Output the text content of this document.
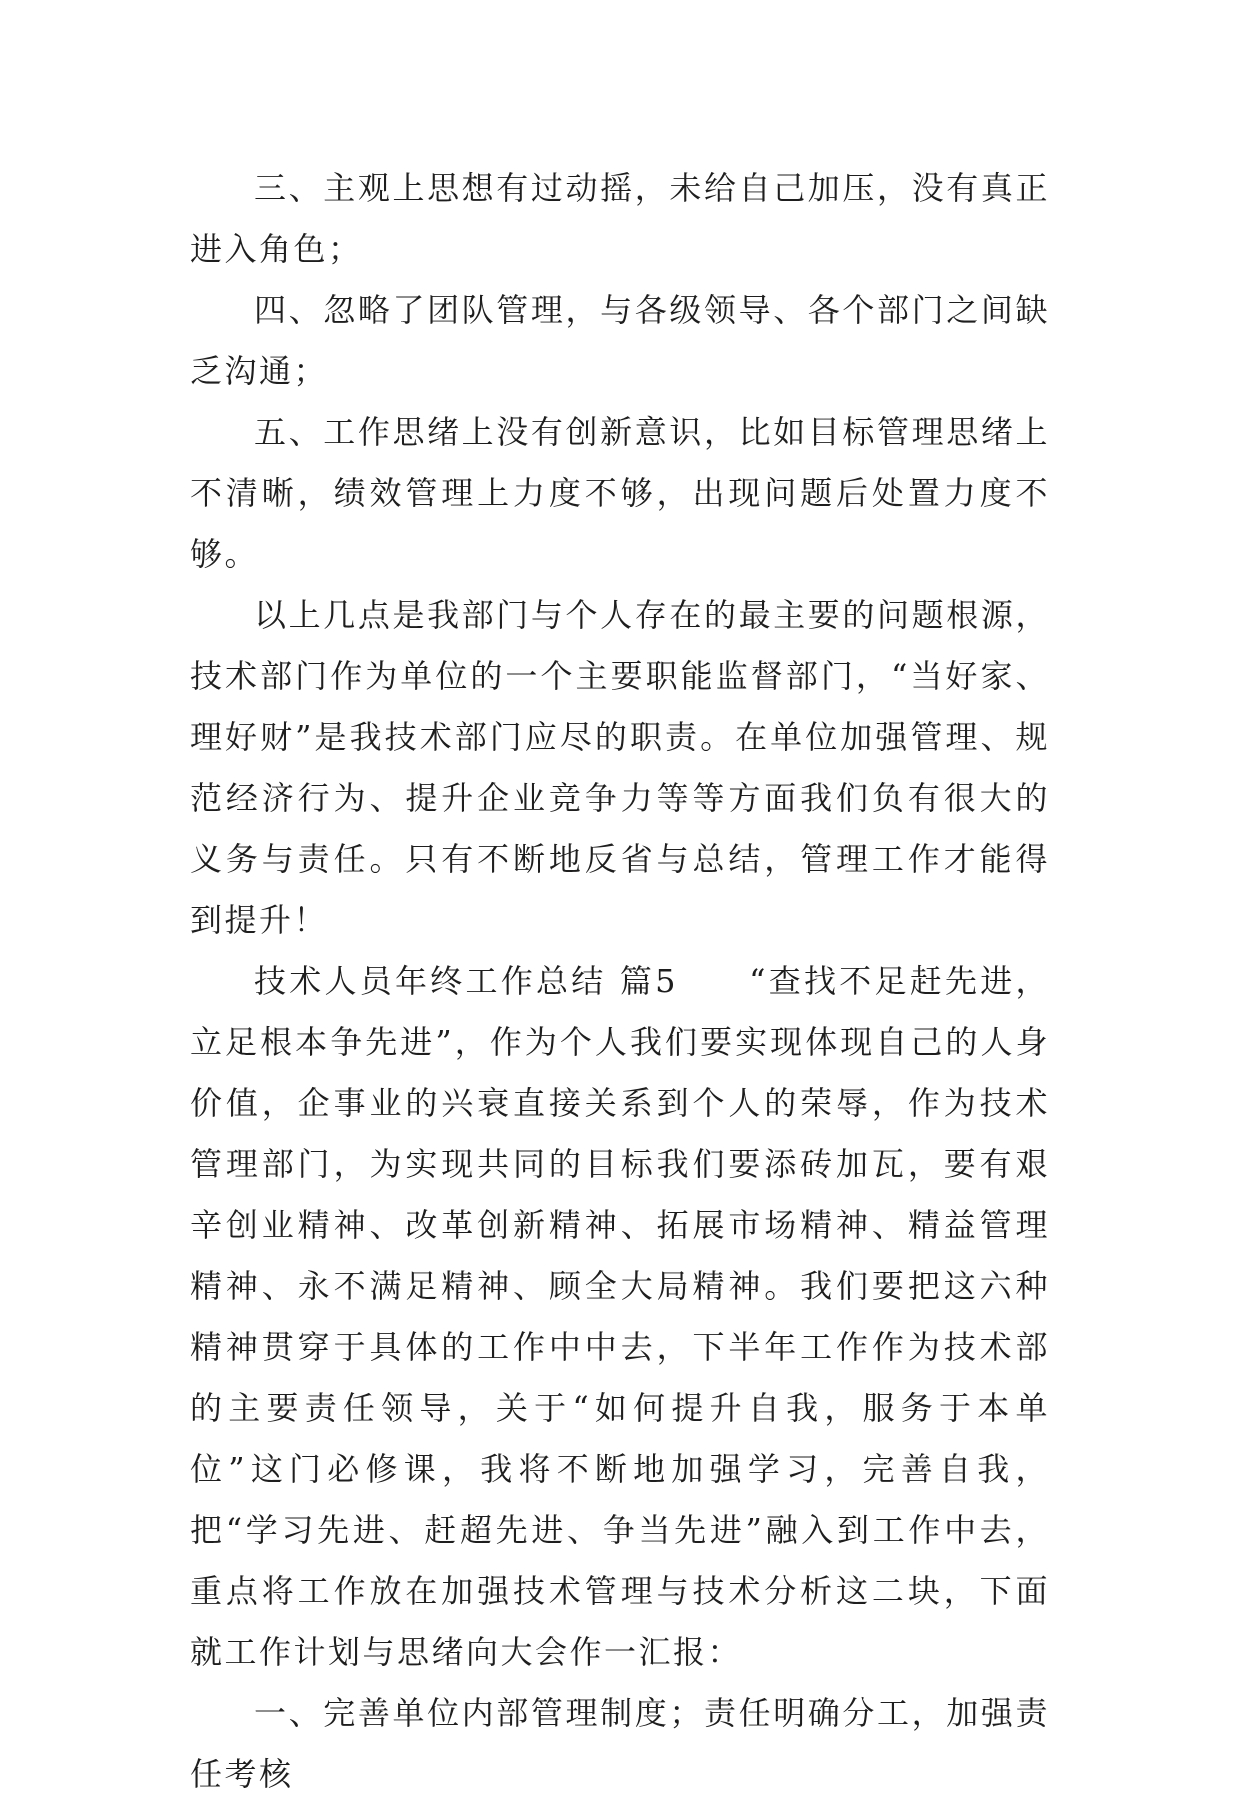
三、主观上思想有过动摇，未给自己加压，没有真正进入角色；

四、忽略了团队管理，与各级领导、各个部门之间缺乏沟通；

五、工作思绪上没有创新意识，比如目标管理思绪上不清晰，绩效管理上力度不够，出现问题后处置力度不够。

以上几点是我部门与个人存在的最主要的问题根源，技术部门作为单位的一个主要职能监督部门，“当好家、理好财”是我技术部门应尽的职责。在单位加强管理、规范经济行为、提升企业竞争力等等方面我们负有很大的义务与责任。只有不断地反省与总结，管理工作才能得到提升！

技术人员年终工作总结 篇5　　“查找不足赶先进，立足根本争先进”，作为个人我们要实现体现自己的人身价值，企事业的兴衰直接关系到个人的荣辱，作为技术管理部门，为实现共同的目标我们要添砖加瓦，要有艰辛创业精神、改革创新精神、拓展市场精神、精益管理精神、永不满足精神、顾全大局精神。我们要把这六种精神贯穿于具体的工作中中去，下半年工作作为技术部的主要责任领导，关于“如何提升自我，服务于本单位”这门必修课，我将不断地加强学习，完善自我，把“学习先进、赶超先进、争当先进”融入到工作中去，重点将工作放在加强技术管理与技术分析这二块，下面就工作计划与思绪向大会作一汇报：

一、完善单位内部管理制度；责任明确分工，加强责任考核
